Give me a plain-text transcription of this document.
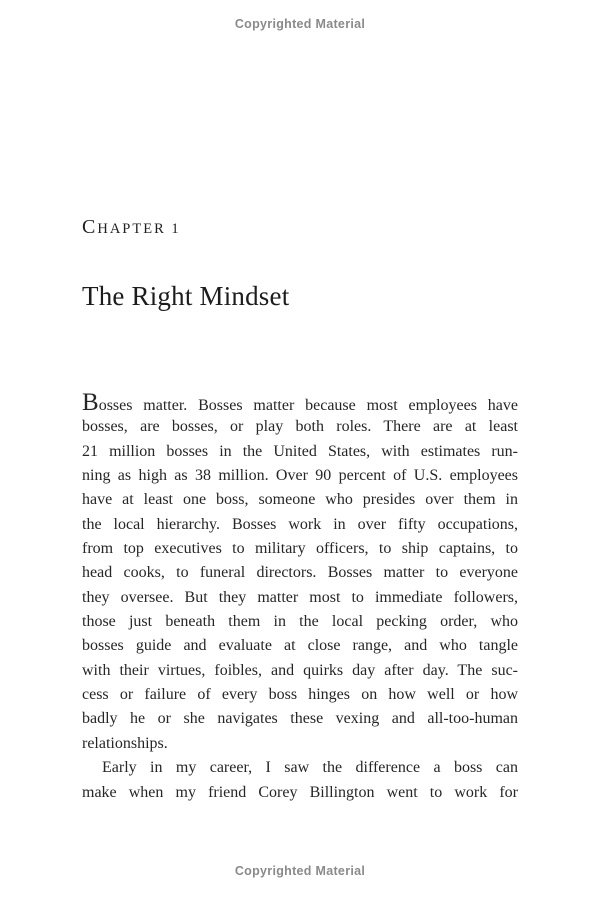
Copyrighted Material
CHAPTER 1
The Right Mindset
Bosses matter. Bosses matter because most employees have
bosses, are bosses, or play both roles. There are at least
21 million bosses in the United States, with estimates run-
ning as high as 38 million. Over 90 percent of U.S. employees
have at least one boss, someone who presides over them in
the local hierarchy. Bosses work in over fifty occupations,
from top executives to military officers, to ship captains, to
head cooks, to funeral directors. Bosses matter to everyone
they oversee. But they matter most to immediate followers,
those just beneath them in the local pecking order, who
bosses guide and evaluate at close range, and who tangle
with their virtues, foibles, and quirks day after day. The suc-
cess or failure of every boss hinges on how well or how
badly he or she navigates these vexing and all-too-human
relationships.
Early in my career, I saw the difference a boss can
make when my friend Corey Billington went to work for
Copyrighted Material
